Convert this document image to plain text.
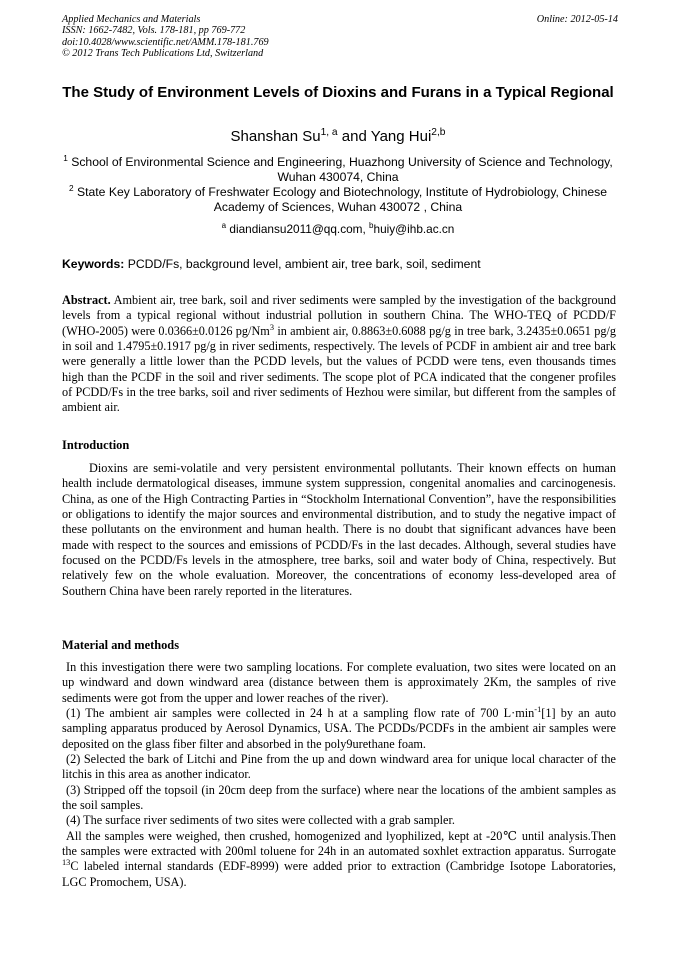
Applied Mechanics and Materials
ISSN: 1662-7482, Vols. 178-181, pp 769-772
doi:10.4028/www.scientific.net/AMM.178-181.769
© 2012 Trans Tech Publications Ltd, Switzerland
Online: 2012-05-14
The Study of Environment Levels of Dioxins and Furans in a Typical Regional
Shanshan Su$^{1, a}$ and Yang Hui$^{2,b}$

$^1$ School of Environmental Science and Engineering, Huazhong University of Science and Technology, Wuhan 430074, China

$^2$ State Key Laboratory of Freshwater Ecology and Biotechnology, Institute of Hydrobiology, Chinese Academy of Sciences, Wuhan 430072 , China

$^a$ diandiansu2011@qq.com, $^b$huiy@ihb.ac.cn
Keywords: PCDD/Fs, background level, ambient air, tree bark, soil, sediment

Abstract. Ambient air, tree bark, soil and river sediments were sampled by the investigation of the background levels from a typical regional without industrial pollution in southern China. The WHO-TEQ of PCDD/F (WHO-2005) were 0.0366±0.0126 pg/Nm$^3$ in ambient air, 0.8863±0.6088 pg/g in tree bark, 3.2435±0.0651 pg/g in soil and 1.4795±0.1917 pg/g in river sediments, respectively. The levels of PCDF in ambient air and tree bark were generally a little lower than the PCDD levels, but the values of PCDD were tens, even thousands times high than the PCDF in the soil and river sediments. The scope plot of PCA indicated that the congener profiles of PCDD/Fs in the tree barks, soil and river sediments of Hezhou were similar, but different from the samples of ambient air.

Introduction

Dioxins are semi-volatile and very persistent environmental pollutants. Their known effects on human health include dermatological diseases, immune system suppression, congenital anomalies and carcinogenesis. China, as one of the High Contracting Parties in “Stockholm International Convention”, have the responsibilities or obligations to identify the major sources and environmental distribution, and to study the negative impact of these pollutants on the environment and human health. There is no doubt that significant advances have been made with respect to the sources and emissions of PCDD/Fs in the last decades. Although, several studies have focused on the PCDD/Fs levels in the atmosphere, tree barks, soil and water body of China, respectively. But relatively few on the whole evaluation. Moreover, the concentrations of economy less-developed area of Southern China have been rarely reported in the literatures.

Material and methods

In this investigation there were two sampling locations. For complete evaluation, two sites were located on an up windward and down windward area (distance between them is approximately 2Km, the samples of rive sediments were got from the upper and lower reaches of the river).

(1) The ambient air samples were collected in 24 h at a sampling flow rate of 700 $L\cdot\min^{-1}[1]$ by an auto sampling apparatus produced by Aerosol Dynamics, USA. The PCDDs/PCDFs in the ambient air samples were deposited on the glass fiber filter and absorbed in the poly9urethane foam.

(2) Selected the bark of Litchi and Pine from the up and down windward area for unique local character of the litchis in this area as another indicator.

(3) Stripped off the topsoil (in 20cm deep from the surface) where near the locations of the ambient samples as the soil samples.

(4) The surface river sediments of two sites were collected with a grab sampler.

All the samples were weighed, then crushed, homogenized and lyophilized, kept at -20℃ until analysis.Then the samples were extracted with 200ml toluene for 24h in an automated soxhlet extraction apparatus. Surrogate $^{13}$C labeled internal standards (EDF-8999) were added prior to extraction (Cambridge Isotope Laboratories, LGC Promochem, USA).
